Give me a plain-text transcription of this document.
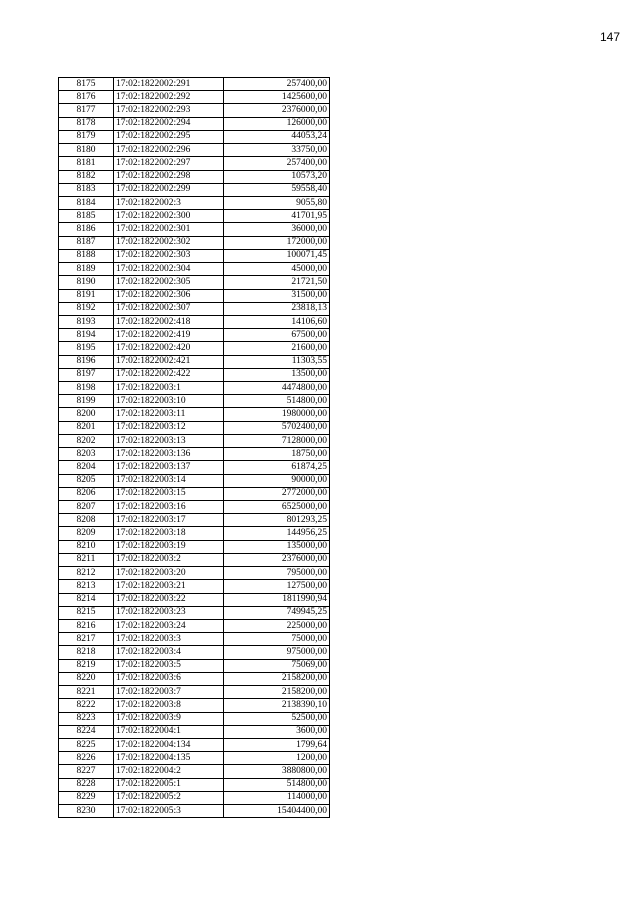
147
8175	17:02:1822002:291	257400,00
8176	17:02:1822002:292	1425600,00
8177	17:02:1822002:293	2376000,00
8178	17:02:1822002:294	126000,00
8179	17:02:1822002:295	44053,24
8180	17:02:1822002:296	33750,00
8181	17:02:1822002:297	257400,00
8182	17:02:1822002:298	10573,20
8183	17:02:1822002:299	59558,40
8184	17:02:1822002:3	9055,80
8185	17:02:1822002:300	41701,95
8186	17:02:1822002:301	36000,00
8187	17:02:1822002:302	172000,00
8188	17:02:1822002:303	100071,45
8189	17:02:1822002:304	45000,00
8190	17:02:1822002:305	21721,50
8191	17:02:1822002:306	31500,00
8192	17:02:1822002:307	23818,13
8193	17:02:1822002:418	14106,60
8194	17:02:1822002:419	67500,00
8195	17:02:1822002:420	21600,00
8196	17:02:1822002:421	11303,55
8197	17:02:1822002:422	13500,00
8198	17:02:1822003:1	4474800,00
8199	17:02:1822003:10	514800,00
8200	17:02:1822003:11	1980000,00
8201	17:02:1822003:12	5702400,00
8202	17:02:1822003:13	7128000,00
8203	17:02:1822003:136	18750,00
8204	17:02:1822003:137	61874,25
8205	17:02:1822003:14	90000,00
8206	17:02:1822003:15	2772000,00
8207	17:02:1822003:16	6525000,00
8208	17:02:1822003:17	801293,25
8209	17:02:1822003:18	144956,25
8210	17:02:1822003:19	135000,00
8211	17:02:1822003:2	2376000,00
8212	17:02:1822003:20	795000,00
8213	17:02:1822003:21	127500,00
8214	17:02:1822003:22	1811990,94
8215	17:02:1822003:23	749945,25
8216	17:02:1822003:24	225000,00
8217	17:02:1822003:3	75000,00
8218	17:02:1822003:4	975000,00
8219	17:02:1822003:5	75069,00
8220	17:02:1822003:6	2158200,00
8221	17:02:1822003:7	2158200,00
8222	17:02:1822003:8	2138390,10
8223	17:02:1822003:9	52500,00
8224	17:02:1822004:1	3600,00
8225	17:02:1822004:134	1799,64
8226	17:02:1822004:135	1200,00
8227	17:02:1822004:2	3880800,00
8228	17:02:1822005:1	514800,00
8229	17:02:1822005:2	114000,00
8230	17:02:1822005:3	15404400,00
